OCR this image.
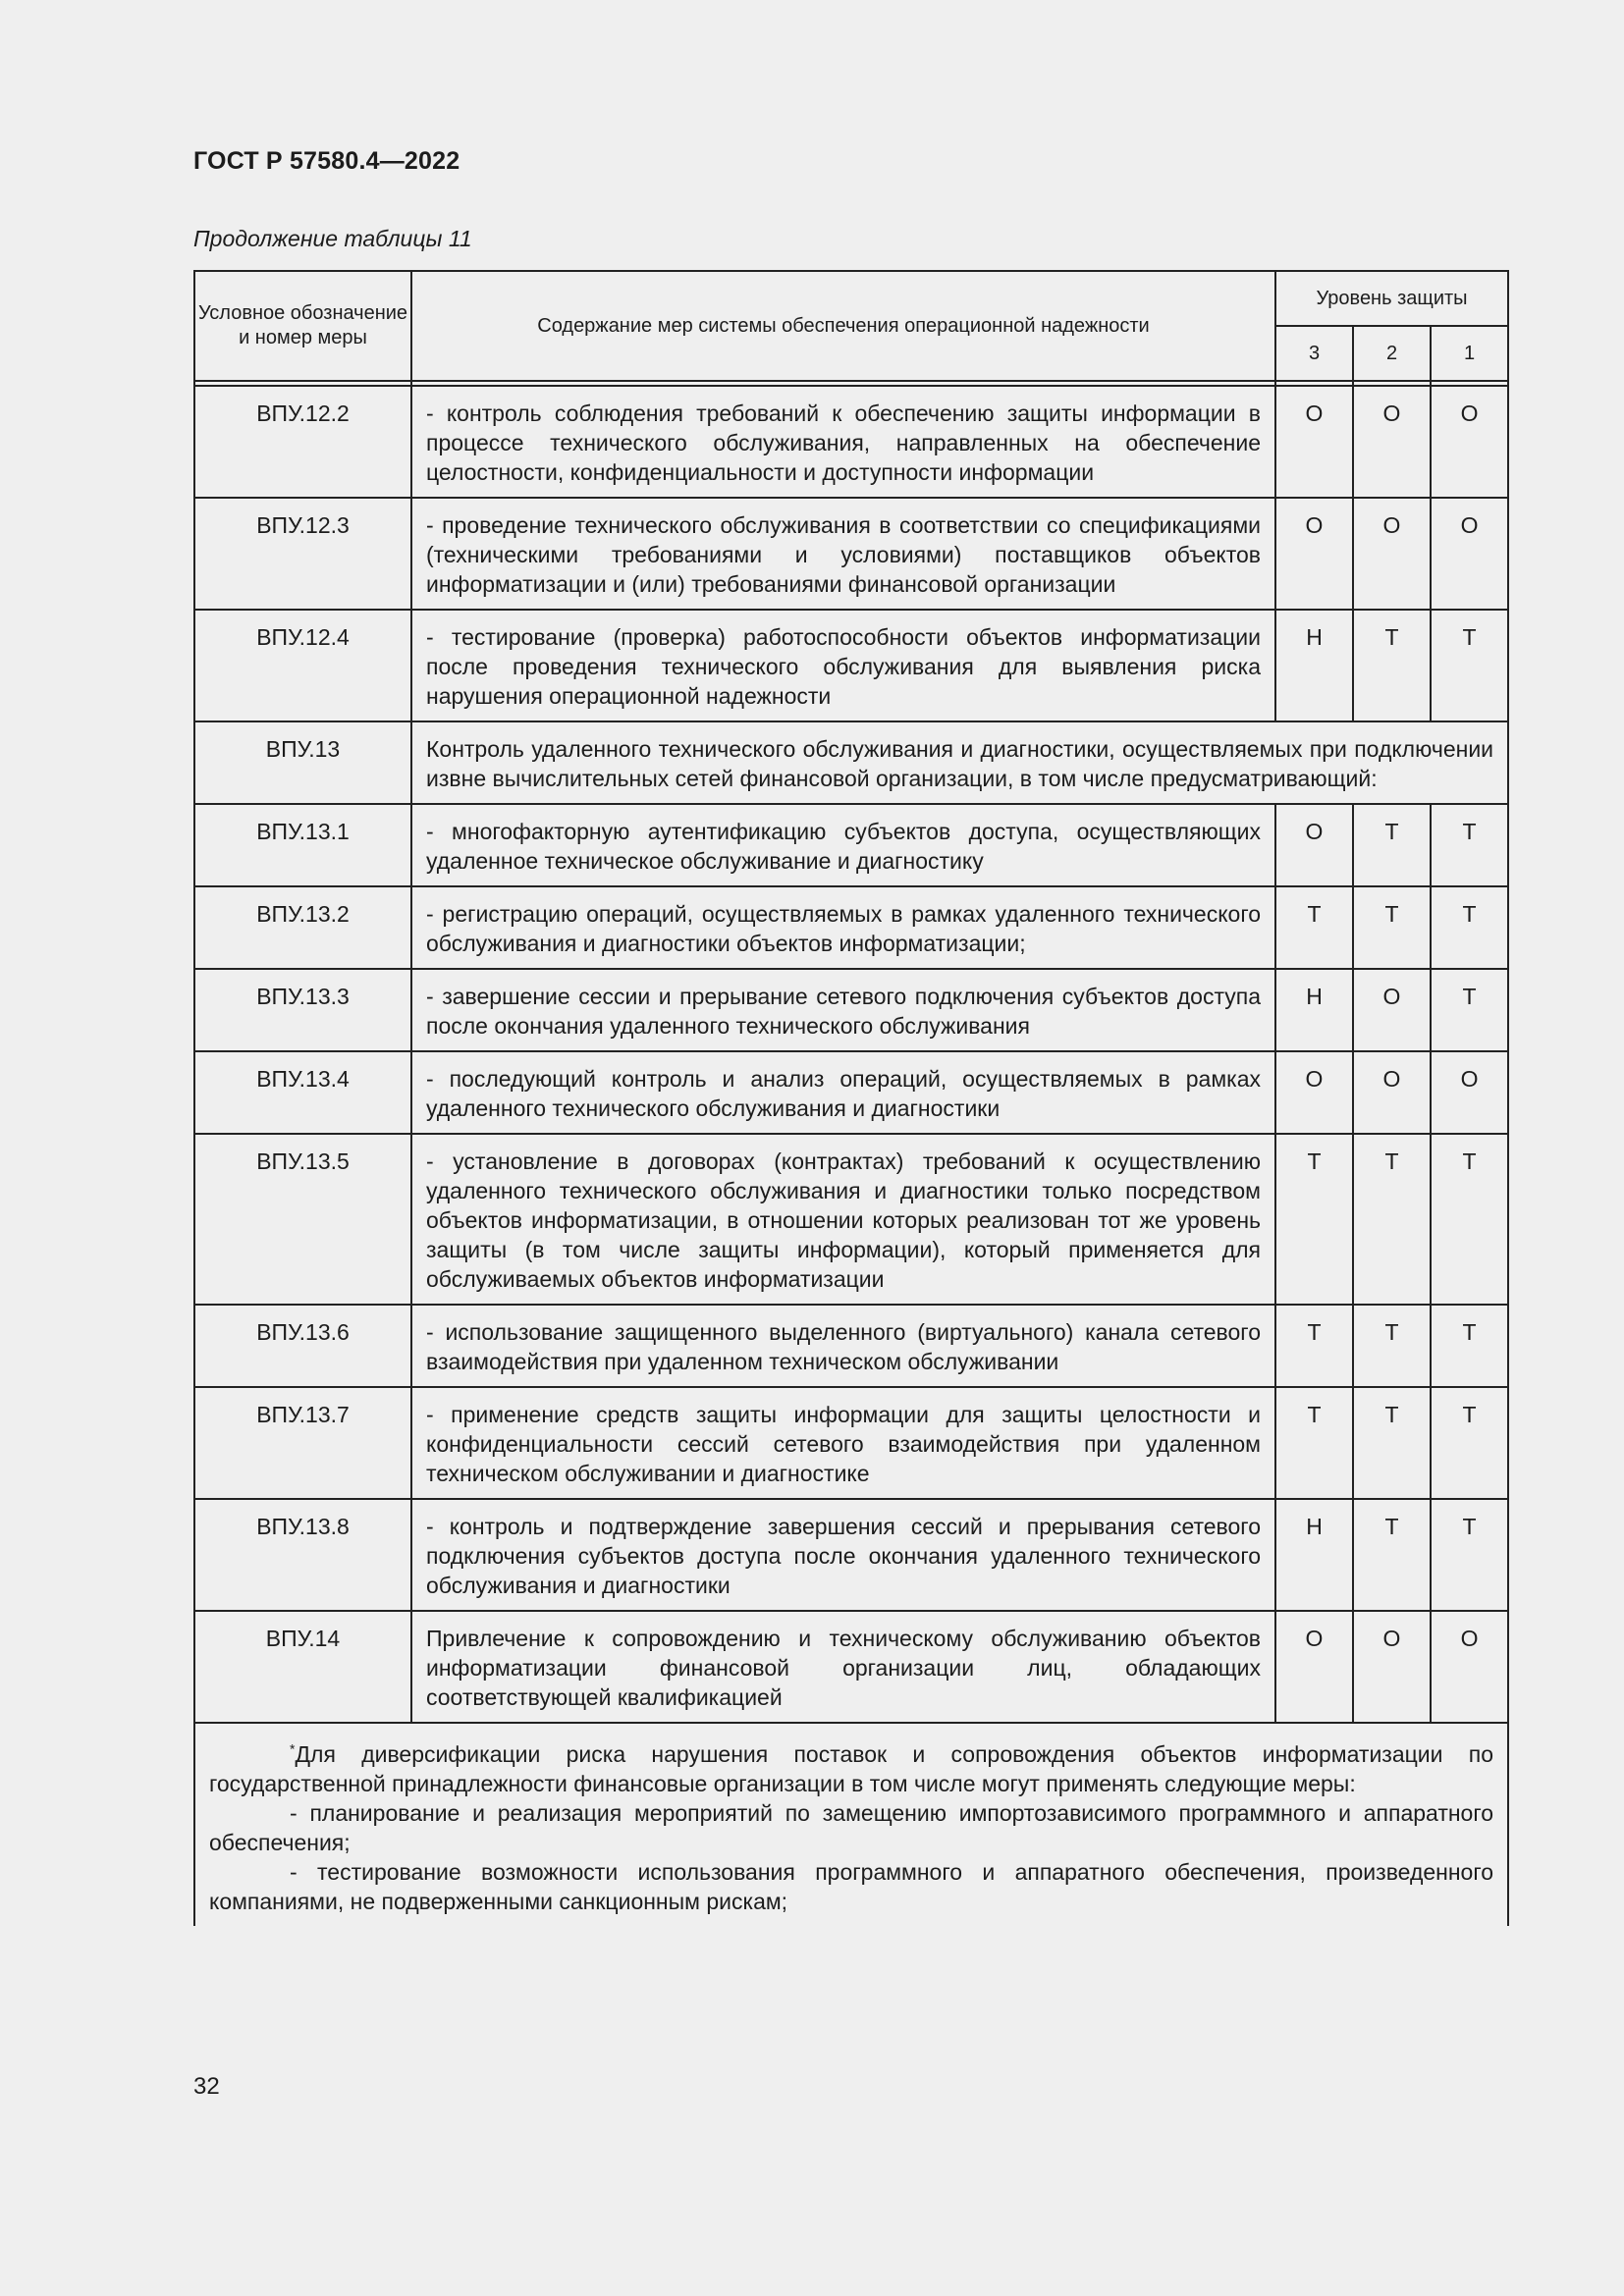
ГОСТ Р 57580.4—2022
Продолжение таблицы 11
Условное обозначение и номер меры	Содержание мер системы обеспечения операционной надежности	Уровень защиты		
		3	2	1

ВПУ.12.2	- контроль соблюдения требований к обеспечению защиты информации в процессе технического обслуживания, направленных на обеспечение целостности, конфиденциальности и доступности информации	О	О	О
ВПУ.12.3	- проведение технического обслуживания в соответствии со спецификациями (техническими требованиями и условиями) поставщиков объектов информатизации и (или) требованиями финансовой организации	О	О	О
ВПУ.12.4	- тестирование (проверка) работоспособности объектов информатизации после проведения технического обслуживания для выявления риска нарушения операционной надежности	Н	Т	Т
ВПУ.13	Контроль удаленного технического обслуживания и диагностики, осуществляемых при подключении извне вычислительных сетей финансовой организации, в том числе предусматривающий:			
ВПУ.13.1	- многофакторную аутентификацию субъектов доступа, осуществляющих удаленное техническое обслуживание и диагностику	О	Т	Т
ВПУ.13.2	- регистрацию операций, осуществляемых в рамках удаленного технического обслуживания и диагностики объектов информатизации;	Т	Т	Т
ВПУ.13.3	- завершение сессии и прерывание сетевого подключения субъектов доступа после окончания удаленного технического обслуживания	Н	О	Т
ВПУ.13.4	- последующий контроль и анализ операций, осуществляемых в рамках удаленного технического обслуживания и диагностики	О	О	О
ВПУ.13.5	- установление в договорах (контрактах) требований к осуществлению удаленного технического обслуживания и диагностики только посредством объектов информатизации, в отношении которых реализован тот же уровень защиты (в том числе защиты информации), который применяется для обслуживаемых объектов информатизации	Т	Т	Т
ВПУ.13.6	- использование защищенного выделенного (виртуального) канала сетевого взаимодействия при удаленном техническом обслуживании	Т	Т	Т
ВПУ.13.7	- применение средств защиты информации для защиты целостности и конфиденциальности сессий сетевого взаимодействия при удаленном техническом обслуживании и диагностике	Т	Т	Т
ВПУ.13.8	- контроль и подтверждение завершения сессий и прерывания сетевого подключения субъектов доступа после окончания удаленного технического обслуживания и диагностики	Н	Т	Т
ВПУ.14	Привлечение к сопровождению и техническому обслуживанию объектов информатизации финансовой организации лиц, обладающих соответствующей квалификацией	О	О	О

*Для диверсификации риска нарушения поставок и сопровождения объектов информатизации по государственной принадлежности финансовые организации в том числе могут применять следующие меры:

- планирование и реализация мероприятий по замещению импортозависимого программного и аппаратного обеспечения;

- тестирование возможности использования программного и аппаратного обеспечения, произведенного компаниями, не подверженными санкционным рискам;				

32
